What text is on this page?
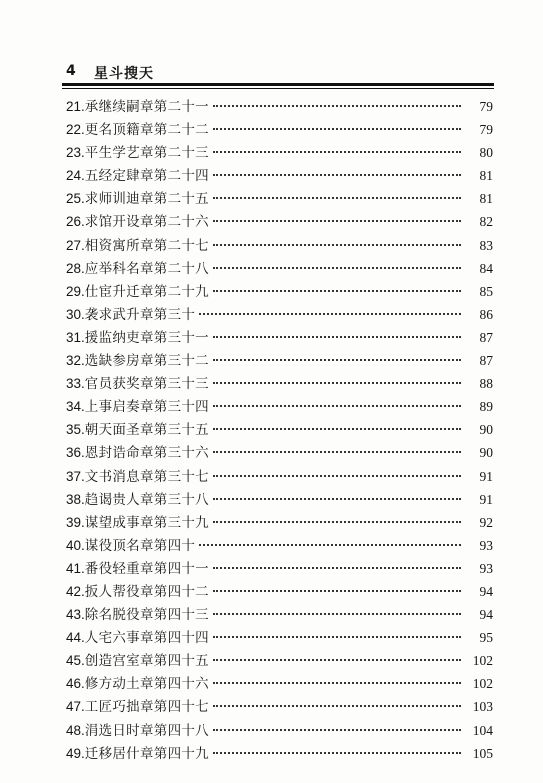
4 星斗搜天
21. 承继续嗣章第二十一	79
22. 更名顶籍章第二十二	79
23. 平生学艺章第二十三	80
24. 五经定肆章第二十四	81
25. 求师训迪章第二十五	81
26. 求馆开设章第二十六	82
27. 相资寓所章第二十七	83
28. 应举科名章第二十八	84
29. 仕宦升迁章第二十九	85
30. 袭求武升章第三十	86
31. 援监纳吏章第三十一	87
32. 选缺参房章第三十二	87
33. 官员获奖章第三十三	88
34. 上事启奏章第三十四	89
35. 朝天面圣章第三十五	90
36. 恩封诰命章第三十六	90
37. 文书消息章第三十七	91
38. 趋谒贵人章第三十八	91
39. 谋望成事章第三十九	92
40. 谋役顶名章第四十	93
41. 番役轻重章第四十一	93
42. 扳人帮役章第四十二	94
43. 除名脱役章第四十三	94
44. 人宅六事章第四十四	95
45. 创造宫室章第四十五	102
46. 修方动土章第四十六	102
47. 工匠巧拙章第四十七	103
48. 涓选日时章第四十八	104
49. 迁移居什章第四十九	105
